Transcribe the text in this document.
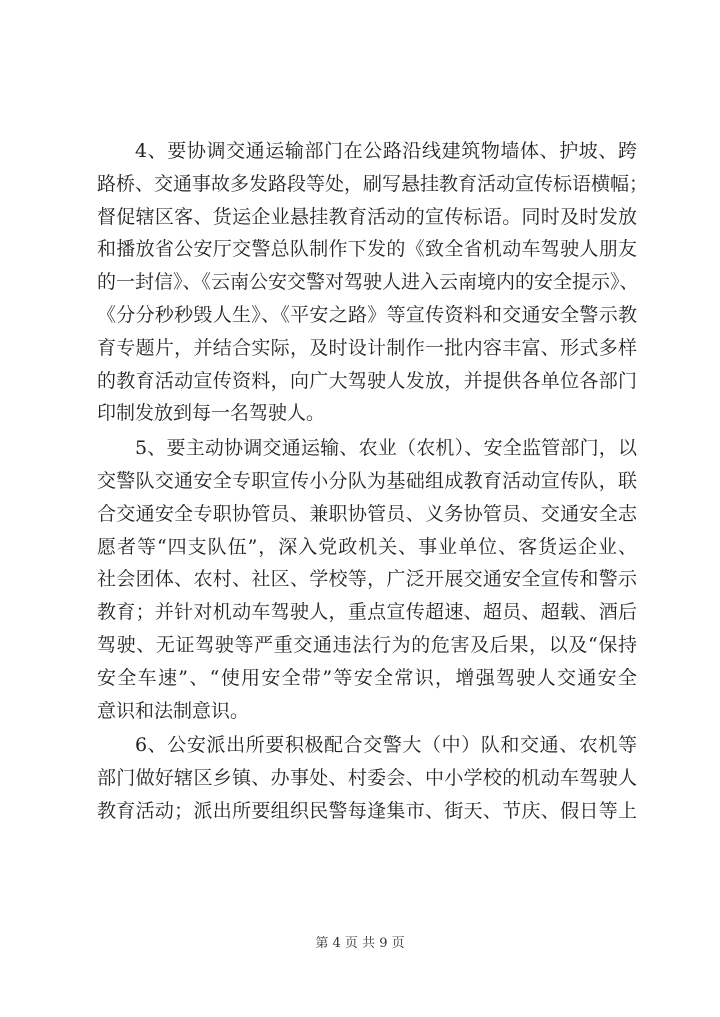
4、要协调交通运输部门在公路沿线建筑物墙体、护坡、跨
路桥、交通事故多发路段等处，刷写悬挂教育活动宣传标语横幅；
督促辖区客、货运企业悬挂教育活动的宣传标语。同时及时发放
和播放省公安厅交警总队制作下发的《致全省机动车驾驶人朋友
的一封信》、《云南公安交警对驾驶人进入云南境内的安全提示》、
《分分秒秒毁人生》、《平安之路》等宣传资料和交通安全警示教
育专题片，并结合实际，及时设计制作一批内容丰富、形式多样
的教育活动宣传资料，向广大驾驶人发放，并提供各单位各部门
印制发放到每一名驾驶人。
5、要主动协调交通运输、农业（农机）、安全监管部门，以
交警队交通安全专职宣传小分队为基础组成教育活动宣传队，联
合交通安全专职协管员、兼职协管员、义务协管员、交通安全志
愿者等“四支队伍”，深入党政机关、事业单位、客货运企业、
社会团体、农村、社区、学校等，广泛开展交通安全宣传和警示
教育；并针对机动车驾驶人，重点宣传超速、超员、超载、酒后
驾驶、无证驾驶等严重交通违法行为的危害及后果，以及“保持
安全车速”、“使用安全带”等安全常识，增强驾驶人交通安全
意识和法制意识。
6、公安派出所要积极配合交警大（中）队和交通、农机等
部门做好辖区乡镇、办事处、村委会、中小学校的机动车驾驶人
教育活动；派出所要组织民警每逢集市、街天、节庆、假日等上
第 4 页 共 9 页
